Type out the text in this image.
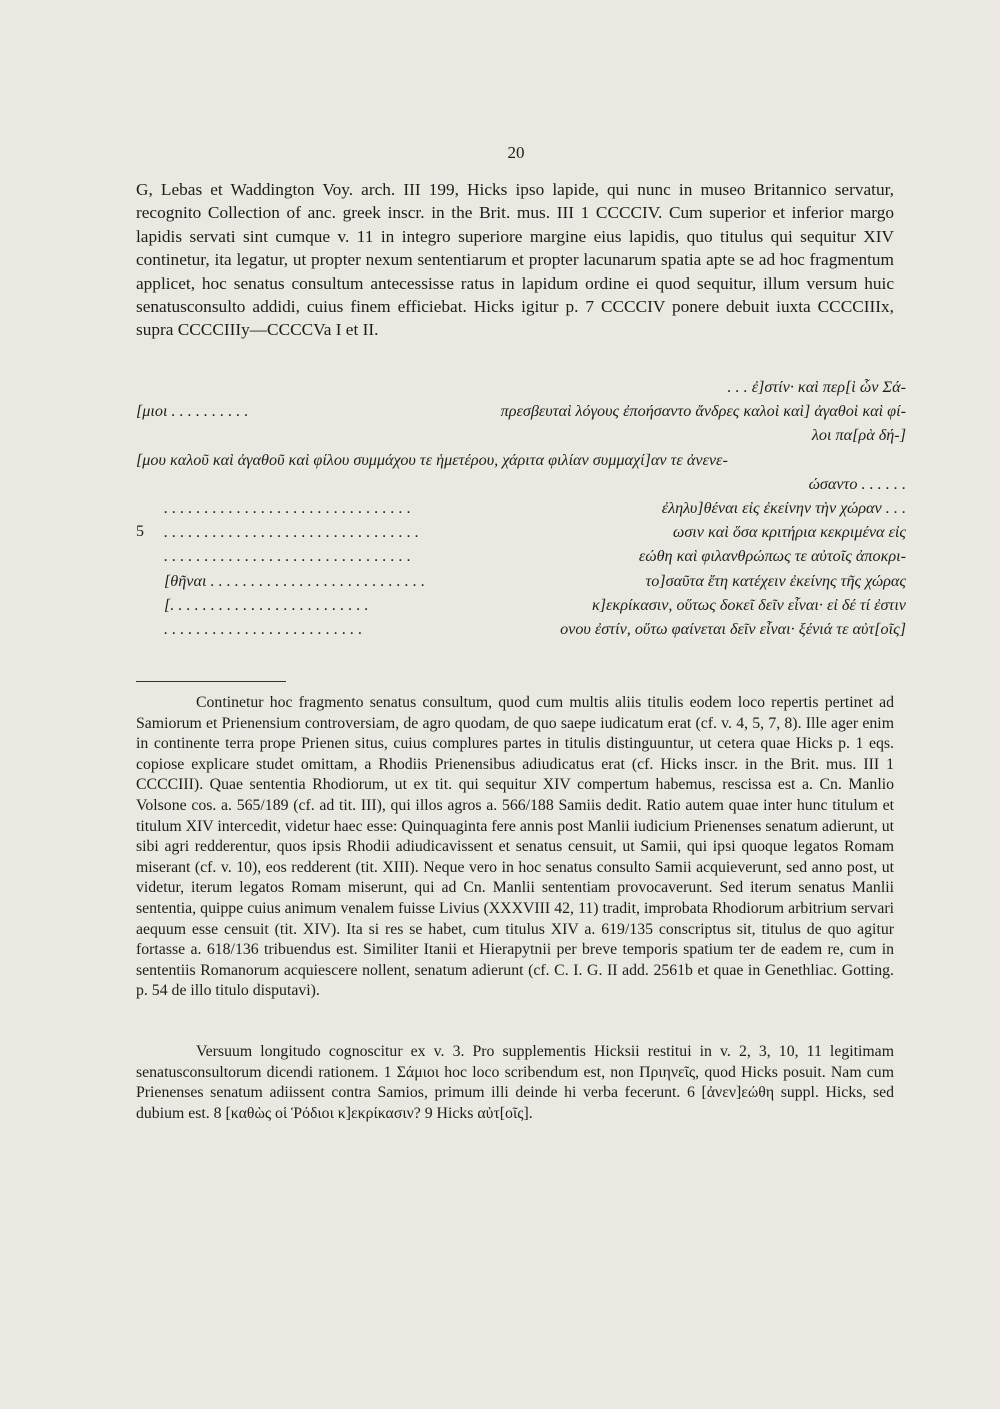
20

G, Lebas et Waddington Voy. arch. III 199, Hicks ipso lapide, qui nunc in museo Britannico servatur, recognito Collection of anc. greek inscr. in the Brit. mus. III 1 CCCCIV. Cum superior et inferior margo lapidis servati sint cumque v. 11 in integro superiore margine eius lapidis, quo titulus qui sequitur XIV continetur, ita legatur, ut propter nexum sententiarum et propter lacunarum spatia apte se ad hoc fragmentum applicet, hoc senatus consultum antecessisse ratus in lapidum ordine ei quod sequitur, illum versum huic senatusconsulto addidi, cuius finem efficiebat. Hicks igitur p. 7 CCCCIV ponere debuit iuxta CCCCIIIx, supra CCCCIIIy—CCCCVa I et II.

. . . ἐ]στίν· καὶ περ[ὶ ὧν Σά-
[μιοι . . . . . . . . . .	πρεσβευταὶ λόγους ἐποήσαντο ἄνδρες καλοὶ καὶ] ἀγαθοὶ καὶ φί-
λοι πα[ρὰ δή-]
[μου καλοῦ καὶ ἀγαθοῦ καὶ φίλου συμμάχου τε ἡμετέρου, χάριτα φιλίαν συμμαχί]αν τε ἀνενε-
ώσαντο . . . . . .
. . . . . . . . . . . . . . . . . . . . . . . . . . . . . . .	ἐληλυ]θέναι εἰς ἐκείνην τὴν χώραν . . .
5 . . . . . . . . . . . . . . . . . . . . . . . . . . . . . . . .	ωσιν καὶ ὅσα κριτήρια κεκριμένα εἰς
. . . . . . . . . . . . . . . . . . . . . . . . . . . . . . .	εώθη καὶ φιλανθρώπως τε αὐτοῖς ἀποκρι-
[θῆναι . . . . . . . . . . . . . . . . . . . . . . . . . . .	το]σαῦτα ἔτη κατέχειν ἐκείνης τῆς χώρας
[. . . . . . . . . . . . . . . . . . . . . . . . .	κ]εκρίκασιν, οὕτως δοκεῖ δεῖν εἶναι· εἰ δέ τί ἐστιν
. . . . . . . . . . . . . . . . . . . . . . . . .	ονου ἐστίν, οὕτω φαίνεται δεῖν εἶναι· ξένιά τε αὐτ[οῖς]

Continetur hoc fragmento senatus consultum, quod cum multis aliis titulis eodem loco repertis pertinet ad Samiorum et Prienensium controversiam, de agro quodam, de quo saepe iudicatum erat (cf. v. 4, 5, 7, 8). Ille ager enim in continente terra prope Prienen situs, cuius complures partes in titulis distinguuntur, ut cetera quae Hicks p. 1 eqs. copiose explicare studet omittam, a Rhodiis Prienensibus adiudicatus erat (cf. Hicks inscr. in the Brit. mus. III 1 CCCCIII). Quae sententia Rhodiorum, ut ex tit. qui sequitur XIV compertum habemus, rescissa est a. Cn. Manlio Volsone cos. a. 565/189 (cf. ad tit. III), qui illos agros a. 566/188 Samiis dedit. Ratio autem quae inter hunc titulum et titulum XIV intercedit, videtur haec esse: Quinquaginta fere annis post Manlii iudicium Prienenses senatum adierunt, ut sibi agri redderentur, quos ipsis Rhodii adiudicavissent et senatus censuit, ut Samii, qui ipsi quoque legatos Romam miserant (cf. v. 10), eos redderent (tit. XIII). Neque vero in hoc senatus consulto Samii acquieverunt, sed anno post, ut videtur, iterum legatos Romam miserunt, qui ad Cn. Manlii sententiam provocaverunt. Sed iterum senatus Manlii sententia, quippe cuius animum venalem fuisse Livius (XXXVIII 42, 11) tradit, improbata Rhodiorum arbitrium servari aequum esse censuit (tit. XIV). Ita si res se habet, cum titulus XIV a. 619/135 conscriptus sit, titulus de quo agitur fortasse a. 618/136 tribuendus est. Similiter Itanii et Hierapytnii per breve temporis spatium ter de eadem re, cum in sententiis Romanorum acquiescere nollent, senatum adierunt (cf. C. I. G. II add. 2561b et quae in Genethliac. Gotting. p. 54 de illo titulo disputavi).

Versuum longitudo cognoscitur ex v. 3. Pro supplementis Hicksii restitui in v. 2, 3, 10, 11 legitimam senatusconsultorum dicendi rationem. 1 Σάμιοι hoc loco scribendum est, non Πριηνεῖς, quod Hicks posuit. Nam cum Prienenses senatum adiissent contra Samios, primum illi deinde hi verba fecerunt. 6 [ἀνεν]εώθη suppl. Hicks, sed dubium est. 8 [καθὼς οἱ Ῥόδιοι κ]εκρίκασιν? 9 Hicks αὐτ[οῖς].
